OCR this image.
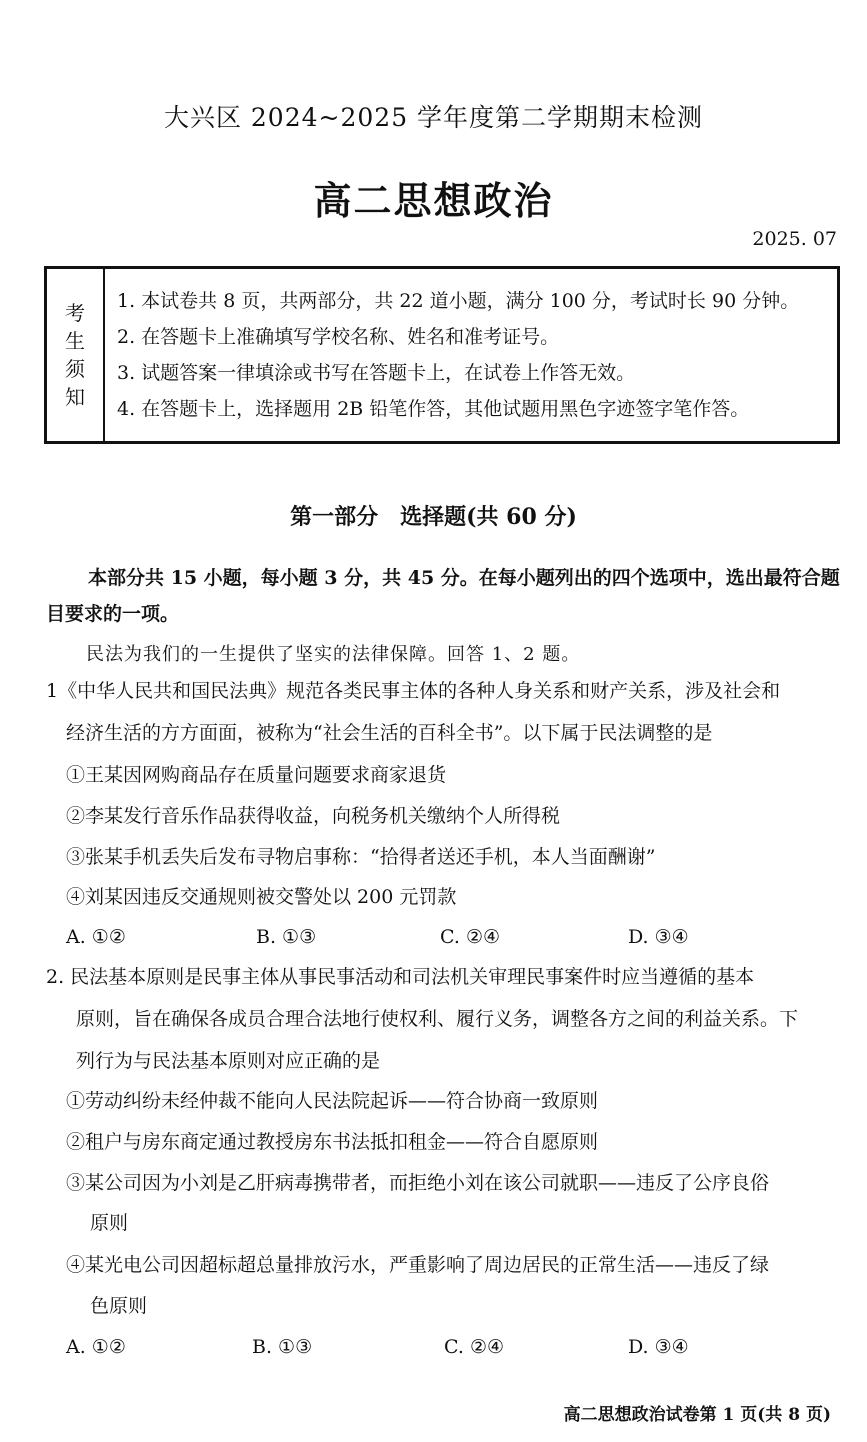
大兴区 2024~2025 学年度第二学期期末检测
高二思想政治
2025. 07
考
生
须
知
1. 本试卷共 8 页，共两部分，共 22 道小题，满分 100 分，考试时长 90 分钟。
2. 在答题卡上准确填写学校名称、姓名和准考证号。
3. 试题答案一律填涂或书写在答题卡上，在试卷上作答无效。
4. 在答题卡上，选择题用 2B 铅笔作答，其他试题用黑色字迹签字笔作答。
第一部分　选择题(共 60 分)
本部分共 15 小题，每小题 3 分，共 45 分。在每小题列出的四个选项中，选出最符合题目要求的一项。
民法为我们的一生提供了坚实的法律保障。回答 1、2 题。
1《中华人民共和国民法典》规范各类民事主体的各种人身关系和财产关系，涉及社会和
经济生活的方方面面，被称为“社会生活的百科全书”。以下属于民法调整的是
①王某因网购商品存在质量问题要求商家退货
②李某发行音乐作品获得收益，向税务机关缴纳个人所得税
③张某手机丢失后发布寻物启事称：“拾得者送还手机，本人当面酬谢”
④刘某因违反交通规则被交警处以 200 元罚款
A. ①②	B. ①③	C. ②④	D. ③④
2. 民法基本原则是民事主体从事民事活动和司法机关审理民事案件时应当遵循的基本
原则，旨在确保各成员合理合法地行使权利、履行义务，调整各方之间的利益关系。下
列行为与民法基本原则对应正确的是
①劳动纠纷未经仲裁不能向人民法院起诉——符合协商一致原则
②租户与房东商定通过教授房东书法抵扣租金——符合自愿原则
③某公司因为小刘是乙肝病毒携带者，而拒绝小刘在该公司就职——违反了公序良俗
原则
④某光电公司因超标超总量排放污水，严重影响了周边居民的正常生活——违反了绿
色原则
A. ①②	B. ①③	C. ②④	D. ③④
高二思想政治试卷第 1 页(共 8 页)
